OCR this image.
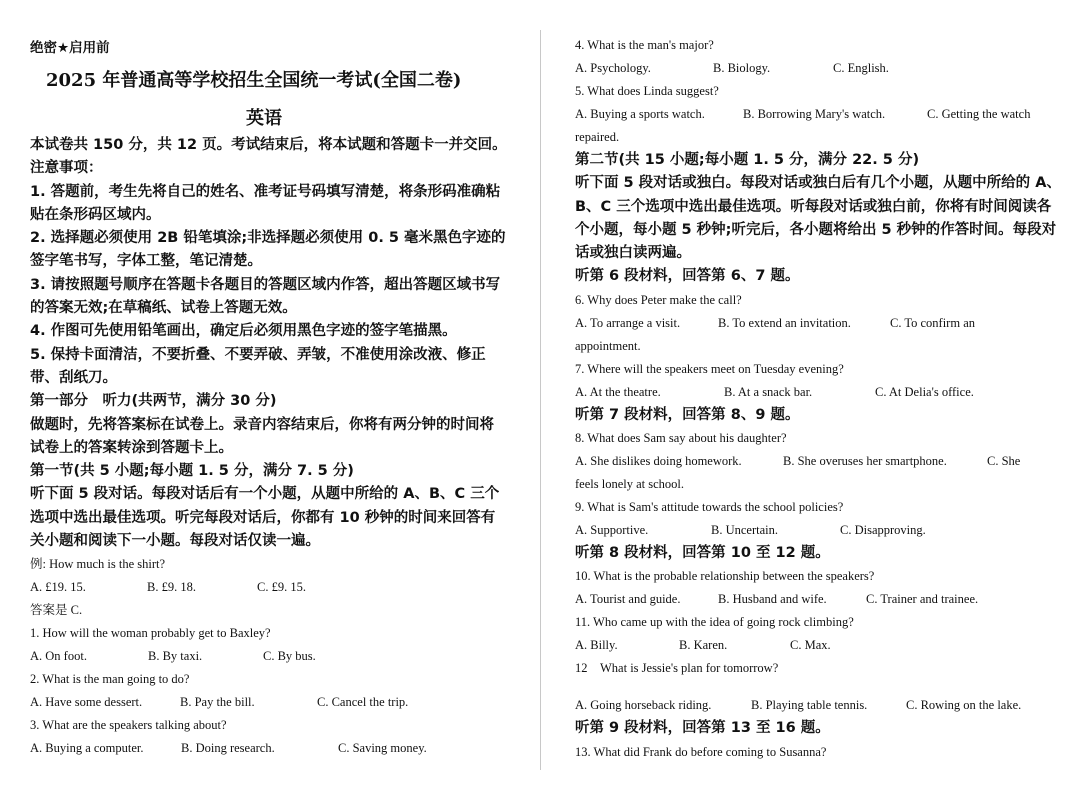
绝密★启用前
2025 年普通高等学校招生全国统一考试(全国二卷)
英语
本试卷共 150 分，共 12 页。考试结束后，将本试题和答题卡一并交回。
注意事项：
1. 答题前，考生先将自己的姓名、准考证号码填写清楚，将条形码准确粘贴在条形码区域内。
2. 选择题必须使用 2B 铅笔填涂;非选择题必须使用 0. 5 毫米黑色字迹的签字笔书写，字体工整，笔记清楚。
3. 请按照题号顺序在答题卡各题目的答题区域内作答，超出答题区域书写的答案无效;在草稿纸、试卷上答题无效。
4. 作图可先使用铅笔画出，确定后必须用黑色字迹的签字笔描黑。
5. 保持卡面清洁，不要折叠、不要弄破、弄皱，不准使用涂改液、修正带、刮纸刀。
第一部分　听力(共两节，满分 30 分)
做题时，先将答案标在试卷上。录音内容结束后，你将有两分钟的时间将试卷上的答案转涂到答题卡上。
第一节(共 5 小题;每小题 1. 5 分，满分 7. 5 分)
听下面 5 段对话。每段对话后有一个小题，从题中所给的 A、B、C 三个选项中选出最佳选项。听完每段对话后，你都有 10 秒钟的时间来回答有关小题和阅读下一小题。每段对话仅读一遍。
例: How much is the shirt?
A. £19. 15.	B. £9. 18.	C. £9. 15.
答案是 C.
1. How will the woman probably get to Baxley?
A. On foot.	B. By taxi.	C. By bus.
2. What is the man going to do?
A. Have some dessert.	B. Pay the bill.	C. Cancel the trip.
3. What are the speakers talking about?
A. Buying a computer.	B. Doing research.	C. Saving money.
4. What is the man's major?
A. Psychology.	B. Biology.	C. English.
5. What does Linda suggest?
A. Buying a sports watch.	B. Borrowing Mary's watch.	C. Getting the watch
repaired.
第二节(共 15 小题;每小题 1. 5 分，满分 22. 5 分)
听下面 5 段对话或独白。每段对话或独白后有几个小题，从题中所给的 A、B、C 三个选项中选出最佳选项。听每段对话或独白前，你将有时间阅读各个小题，每小题 5 秒钟;听完后，各小题将给出 5 秒钟的作答时间。每段对话或独白读两遍。
听第 6 段材料，回答第 6、7 题。
6. Why does Peter make the call?
A. To arrange a visit.	B. To extend an invitation.	C. To confirm an
appointment.
7. Where will the speakers meet on Tuesday evening?
A. At the theatre.	B. At a snack bar.	C. At Delia's office.
听第 7 段材料，回答第 8、9 题。
8. What does Sam say about his daughter?
A. She dislikes doing homework.	B. She overuses her smartphone.	C. She
feels lonely at school.
9. What is Sam's attitude towards the school policies?
A. Supportive.	B. Uncertain.	C. Disapproving.
听第 8 段材料，回答第 10 至 12 题。
10. What is the probable relationship between the speakers?
A. Tourist and guide.	B. Husband and wife.	C. Trainer and trainee.
11. Who came up with the idea of going rock climbing?
A. Billy.	B. Karen.	C. Max.
12　What is Jessie's plan for tomorrow?
A. Going horseback riding.	B. Playing table tennis.	C. Rowing on the lake.
听第 9 段材料，回答第 13 至 16 题。
13. What did Frank do before coming to Susanna?
